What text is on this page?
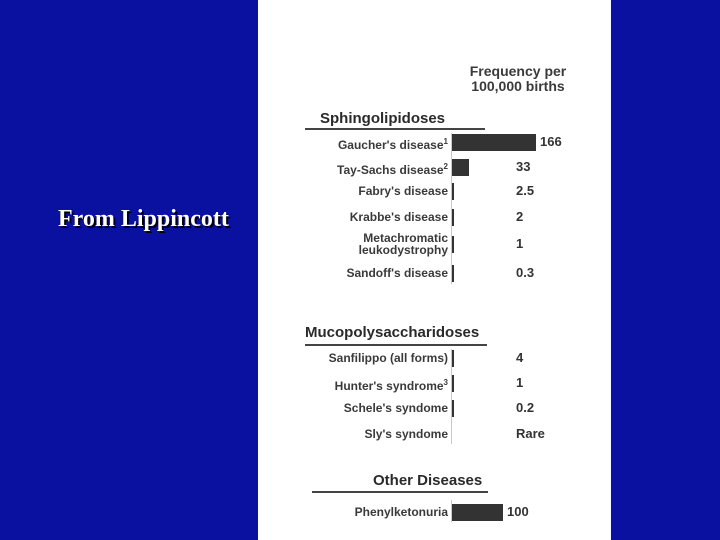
From Lippincott
Frequency per
100,000 births
Sphingolipidoses
Gaucher's disease$^1$	166
Tay-Sachs disease$^2$	33
Fabry's disease	2.5
Krabbe's disease	2
Metachromatic
leukodystrophy	1
Sandoff's disease	0.3
Mucopolysaccharidoses
Sanfilippo (all forms)	4
Hunter's syndrome$^3$	1
Schele's syndome	0.2
Sly's syndome	Rare
Other Diseases
Phenylketonuria	100
